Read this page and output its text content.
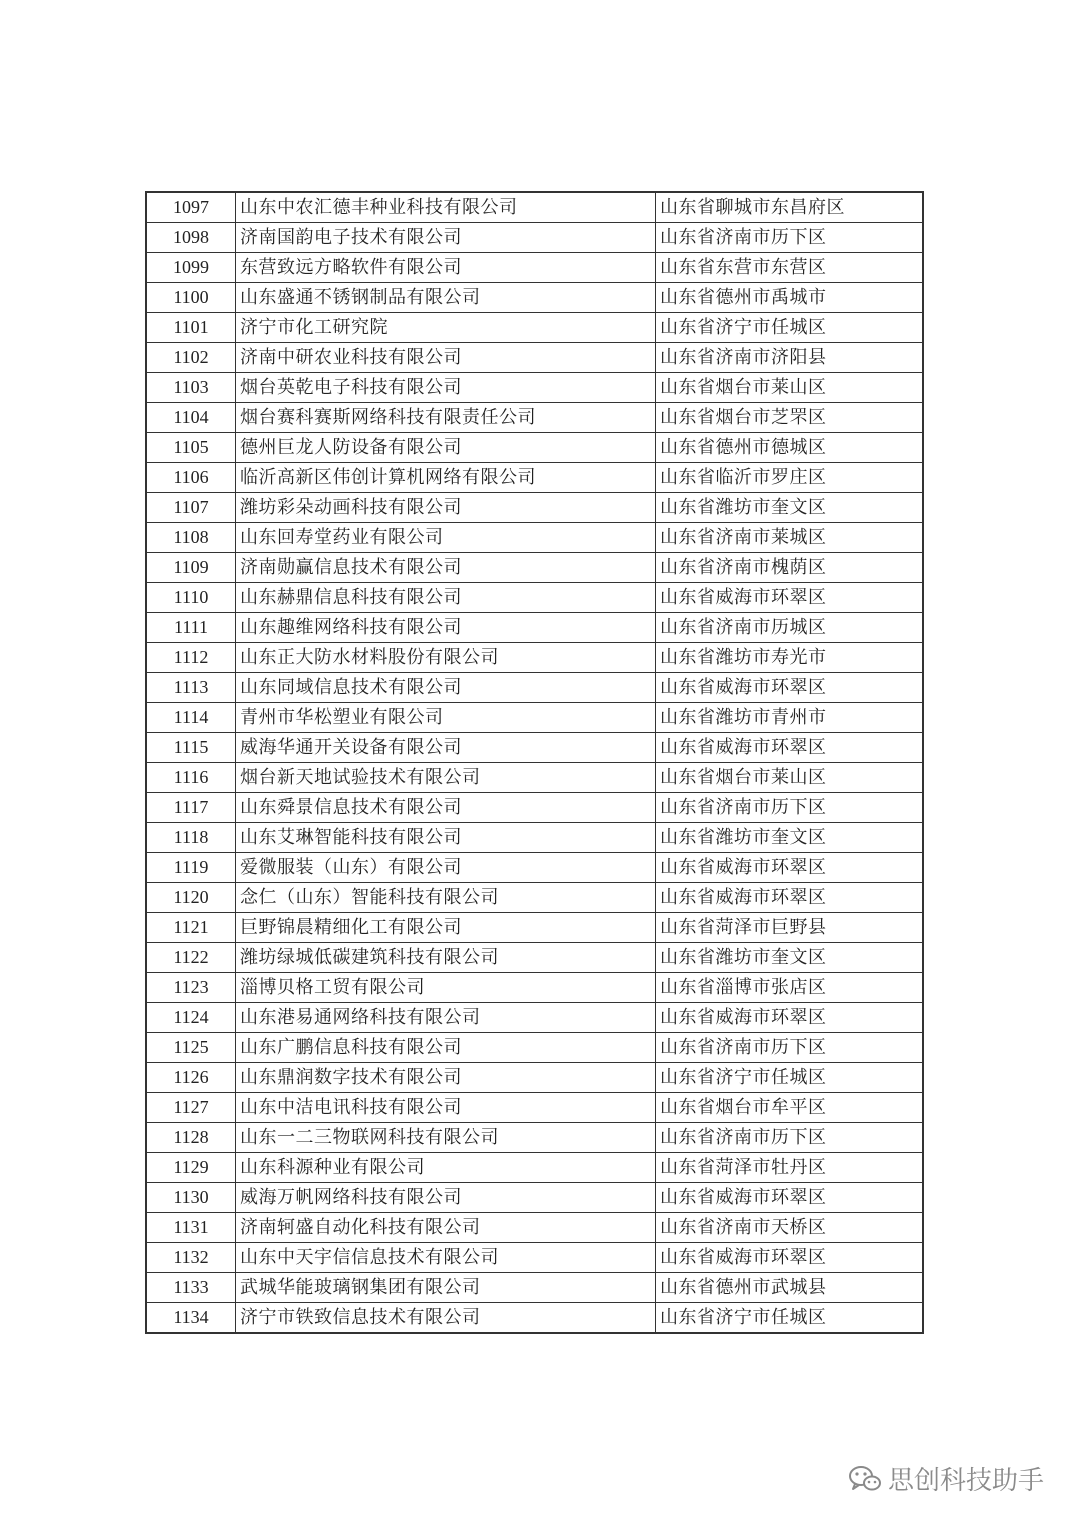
1097	山东中农汇德丰种业科技有限公司	山东省聊城市东昌府区
1098	济南国韵电子技术有限公司	山东省济南市历下区
1099	东营致远方略软件有限公司	山东省东营市东营区
1100	山东盛通不锈钢制品有限公司	山东省德州市禹城市
1101	济宁市化工研究院	山东省济宁市任城区
1102	济南中研农业科技有限公司	山东省济南市济阳县
1103	烟台英乾电子科技有限公司	山东省烟台市莱山区
1104	烟台赛科赛斯网络科技有限责任公司	山东省烟台市芝罘区
1105	德州巨龙人防设备有限公司	山东省德州市德城区
1106	临沂高新区伟创计算机网络有限公司	山东省临沂市罗庄区
1107	潍坊彩朵动画科技有限公司	山东省潍坊市奎文区
1108	山东回寿堂药业有限公司	山东省济南市莱城区
1109	济南勋赢信息技术有限公司	山东省济南市槐荫区
1110	山东赫鼎信息科技有限公司	山东省威海市环翠区
1111	山东趣维网络科技有限公司	山东省济南市历城区
1112	山东正大防水材料股份有限公司	山东省潍坊市寿光市
1113	山东同域信息技术有限公司	山东省威海市环翠区
1114	青州市华松塑业有限公司	山东省潍坊市青州市
1115	威海华通开关设备有限公司	山东省威海市环翠区
1116	烟台新天地试验技术有限公司	山东省烟台市莱山区
1117	山东舜景信息技术有限公司	山东省济南市历下区
1118	山东艾琳智能科技有限公司	山东省潍坊市奎文区
1119	爱微服装（山东）有限公司	山东省威海市环翠区
1120	念仁（山东）智能科技有限公司	山东省威海市环翠区
1121	巨野锦晨精细化工有限公司	山东省菏泽市巨野县
1122	潍坊绿城低碳建筑科技有限公司	山东省潍坊市奎文区
1123	淄博贝格工贸有限公司	山东省淄博市张店区
1124	山东港易通网络科技有限公司	山东省威海市环翠区
1125	山东广鹏信息科技有限公司	山东省济南市历下区
1126	山东鼎润数字技术有限公司	山东省济宁市任城区
1127	山东中洁电讯科技有限公司	山东省烟台市牟平区
1128	山东一二三物联网科技有限公司	山东省济南市历下区
1129	山东科源种业有限公司	山东省菏泽市牡丹区
1130	威海万帆网络科技有限公司	山东省威海市环翠区
1131	济南轲盛自动化科技有限公司	山东省济南市天桥区
1132	山东中天宇信信息技术有限公司	山东省威海市环翠区
1133	武城华能玻璃钢集团有限公司	山东省德州市武城县
1134	济宁市铁致信息技术有限公司	山东省济宁市任城区
思创科技助手
